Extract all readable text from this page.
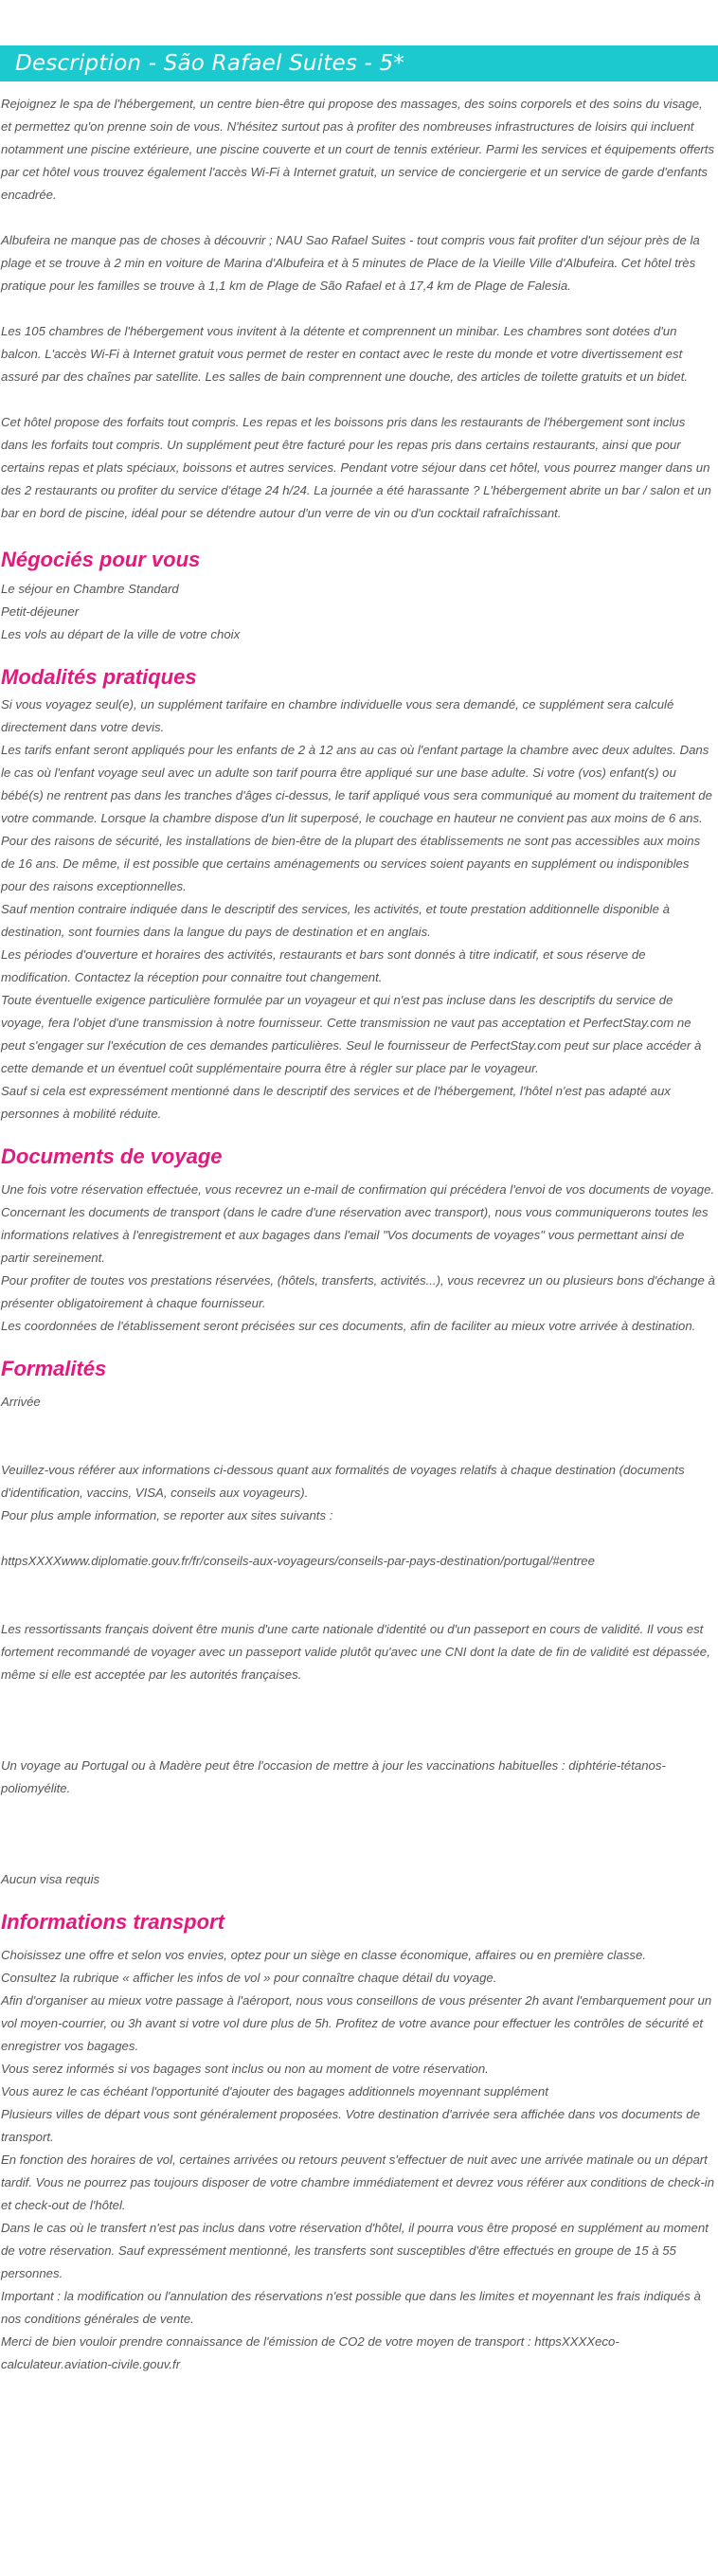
Description - São Rafael Suites - 5*

Rejoignez le spa de l'hébergement, un centre bien-être qui propose des massages, des soins corporels et des soins du visage, et permettez qu'on prenne soin de vous. N'hésitez surtout pas à profiter des nombreuses infrastructures de loisirs qui incluent notamment une piscine extérieure, une piscine couverte et un court de tennis extérieur. Parmi les services et équipements offerts par cet hôtel vous trouvez également l'accès Wi-Fi à Internet gratuit, un service de conciergerie et un service de garde d'enfants encadrée.

Albufeira ne manque pas de choses à découvrir ; NAU Sao Rafael Suites - tout compris vous fait profiter d'un séjour près de la plage et se trouve à 2 min en voiture de Marina d'Albufeira et à 5 minutes de Place de la Vieille Ville d'Albufeira. Cet hôtel très pratique pour les familles se trouve à 1,1 km de Plage de São Rafael et à 17,4 km de Plage de Falesia.

Les 105 chambres de l'hébergement vous invitent à la détente et comprennent un minibar. Les chambres sont dotées d'un balcon. L'accès Wi-Fi à Internet gratuit vous permet de rester en contact avec le reste du monde et votre divertissement est assuré par des chaînes par satellite. Les salles de bain comprennent une douche, des articles de toilette gratuits et un bidet.

Cet hôtel propose des forfaits tout compris. Les repas et les boissons pris dans les restaurants de l'hébergement sont inclus dans les forfaits tout compris. Un supplément peut être facturé pour les repas pris dans certains restaurants, ainsi que pour certains repas et plats spéciaux, boissons et autres services. Pendant votre séjour dans cet hôtel, vous pourrez manger dans un des 2 restaurants ou profiter du service d'étage 24 h/24. La journée a été harassante ? L'hébergement abrite un bar / salon et un bar en bord de piscine, idéal pour se détendre autour d'un verre de vin ou d'un cocktail rafraîchissant.

Négociés pour vous

Le séjour en Chambre Standard

Petit-déjeuner

Les vols au départ de la ville de votre choix

Modalités pratiques

Si vous voyagez seul(e), un supplément tarifaire en chambre individuelle vous sera demandé, ce supplément sera calculé directement dans votre devis.

Les tarifs enfant seront appliqués pour les enfants de 2 à 12 ans au cas où l'enfant partage la chambre avec deux adultes. Dans le cas où l'enfant voyage seul avec un adulte son tarif pourra être appliqué sur une base adulte. Si votre (vos) enfant(s) ou bébé(s) ne rentrent pas dans les tranches d'âges ci-dessus, le tarif appliqué vous sera communiqué au moment du traitement de votre commande. Lorsque la chambre dispose d'un lit superposé, le couchage en hauteur ne convient pas aux moins de 6 ans.

Pour des raisons de sécurité, les installations de bien-être de la plupart des établissements ne sont pas accessibles aux moins de 16 ans. De même, il est possible que certains aménagements ou services soient payants en supplément ou indisponibles pour des raisons exceptionnelles.

Sauf mention contraire indiquée dans le descriptif des services, les activités, et toute prestation additionnelle disponible à destination, sont fournies dans la langue du pays de destination et en anglais.

Les périodes d'ouverture et horaires des activités, restaurants et bars sont donnés à titre indicatif, et sous réserve de modification. Contactez la réception pour connaitre tout changement.

Toute éventuelle exigence particulière formulée par un voyageur et qui n'est pas incluse dans les descriptifs du service de voyage, fera l'objet d'une transmission à notre fournisseur. Cette transmission ne vaut pas acceptation et PerfectStay.com ne peut s'engager sur l'exécution de ces demandes particulières. Seul le fournisseur de PerfectStay.com peut sur place accéder à cette demande et un éventuel coût supplémentaire pourra être à régler sur place par le voyageur.

Sauf si cela est expressément mentionné dans le descriptif des services et de l'hébergement, l'hôtel n'est pas adapté aux personnes à mobilité réduite.

Documents de voyage

Une fois votre réservation effectuée, vous recevrez un e-mail de confirmation qui précédera l'envoi de vos documents de voyage.

Concernant les documents de transport (dans le cadre d'une réservation avec transport), nous vous communiquerons toutes les informations relatives à l'enregistrement et aux bagages dans l'email "Vos documents de voyages" vous permettant ainsi de partir sereinement.

Pour profiter de toutes vos prestations réservées, (hôtels, transferts, activités...), vous recevrez un ou plusieurs bons d'échange à présenter obligatoirement à chaque fournisseur.

Les coordonnées de l'établissement seront précisées sur ces documents, afin de faciliter au mieux votre arrivée à destination.

Formalités

Arrivée

Veuillez-vous référer aux informations ci-dessous quant aux formalités de voyages relatifs à chaque destination (documents d'identification, vaccins, VISA, conseils aux voyageurs).

Pour plus ample information, se reporter aux sites suivants :

httpsXXXXwww.diplomatie.gouv.fr/fr/conseils-aux-voyageurs/conseils-par-pays-destination/portugal/#entree

Les ressortissants français doivent être munis d'une carte nationale d'identité ou d'un passeport en cours de validité. Il vous est fortement recommandé de voyager avec un passeport valide plutôt qu'avec une CNI dont la date de fin de validité est dépassée, même si elle est acceptée par les autorités françaises.

Un voyage au Portugal ou à Madère peut être l'occasion de mettre à jour les vaccinations habituelles : diphtérie-tétanos-poliomyélite.

Aucun visa requis

Informations transport

Choisissez une offre et selon vos envies, optez pour un siège en classe économique, affaires ou en première classe.

Consultez la rubrique « afficher les infos de vol » pour connaître chaque détail du voyage.

Afin d'organiser au mieux votre passage à l'aéroport, nous vous conseillons de vous présenter 2h avant l'embarquement pour un vol moyen-courrier, ou 3h avant si votre vol dure plus de 5h. Profitez de votre avance pour effectuer les contrôles de sécurité et enregistrer vos bagages.

Vous serez informés si vos bagages sont inclus ou non au moment de votre réservation.

Vous aurez le cas échéant l'opportunité d'ajouter des bagages additionnels moyennant supplément

Plusieurs villes de départ vous sont généralement proposées. Votre destination d'arrivée sera affichée dans vos documents de transport.

En fonction des horaires de vol, certaines arrivées ou retours peuvent s'effectuer de nuit avec une arrivée matinale ou un départ tardif. Vous ne pourrez pas toujours disposer de votre chambre immédiatement et devrez vous référer aux conditions de check-in et check-out de l'hôtel.

Dans le cas où le transfert n'est pas inclus dans votre réservation d'hôtel, il pourra vous être proposé en supplément au moment de votre réservation. Sauf expressément mentionné, les transferts sont susceptibles d'être effectués en groupe de 15 à 55 personnes.

Important : la modification ou l'annulation des réservations n'est possible que dans les limites et moyennant les frais indiqués à nos conditions générales de vente.

Merci de bien vouloir prendre connaissance de l'émission de CO2 de votre moyen de transport : httpsXXXXeco-calculateur.aviation-civile.gouv.fr
